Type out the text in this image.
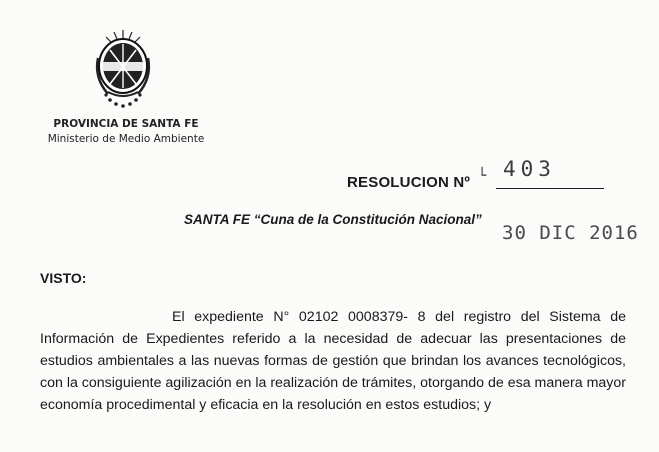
PROVINCIA DE SANTA FE
Ministerio de Medio Ambiente
RESOLUCION Nº └ 403
SANTA FE “Cuna de la Constitución Nacional”
30 DIC 2016
VISTO:
El expediente N° 02102 0008379- 8 del registro del Sistema de Información de Expedientes referido a la necesidad de adecuar las presentaciones de estudios ambientales a las nuevas formas de gestión que brindan los avances tecnológicos, con la consiguiente agilización en la realización de trámites, otorgando de esa manera mayor economía procedimental y eficacia en la resolución en estos estudios; y
